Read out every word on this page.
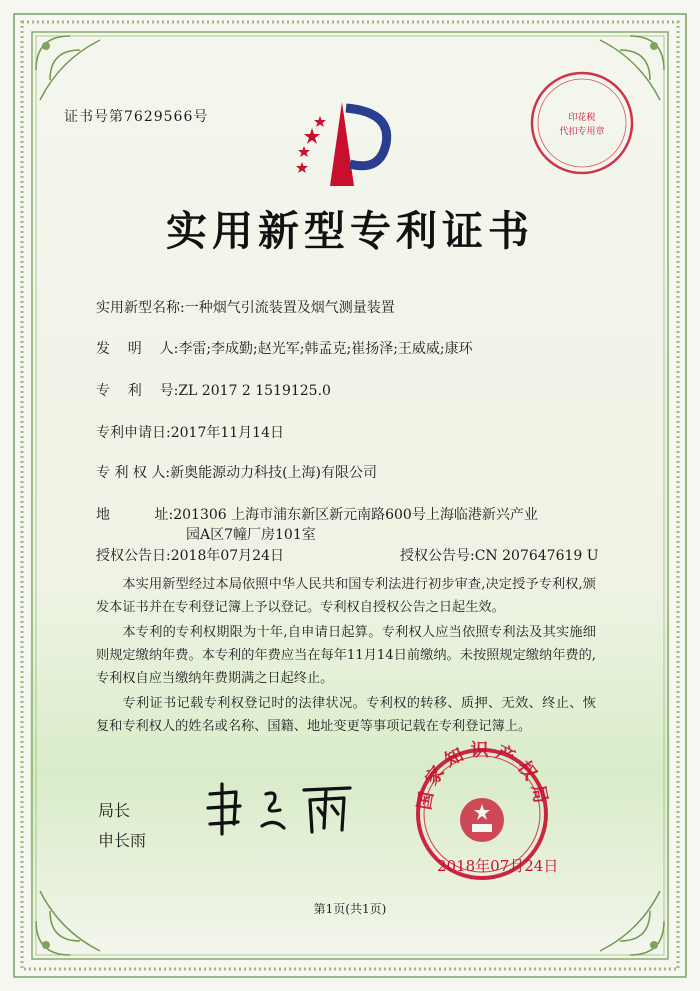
证书号第7629566号	印花税
代扣专用章
实用新型专利证书
实用新型名称:一种烟气引流装置及烟气测量装置
发    明    人:李雷;李成勤;赵光军;韩孟克;崔扬泽;王威威;康环
专    利    号:ZL 2017 2 1519125.0
专利申请日:2017年11月14日
专 利 权 人:新奥能源动力科技(上海)有限公司
地          址:201306 上海市浦东新区新元南路600号上海临港新兴产业
园A区7幢厂房101室
授权公告日:2018年07月24日	授权公告号:CN 207647619 U

本实用新型经过本局依照中华人民共和国专利法进行初步审查,决定授予专利权,颁发本证书并在专利登记簿上予以登记。专利权自授权公告之日起生效。

本专利的专利权期限为十年,自申请日起算。专利权人应当依照专利法及其实施细则规定缴纳年费。本专利的年费应当在每年11月14日前缴纳。未按照规定缴纳年费的,专利权自应当缴纳年费期满之日起终止。

专利证书记载专利权登记时的法律状况。专利权的转移、质押、无效、终止、恢复和专利权人的姓名或名称、国籍、地址变更等事项记载在专利登记簿上。

局长
申长雨
国家知识产权局
2018年07月24日
第1页(共1页)
